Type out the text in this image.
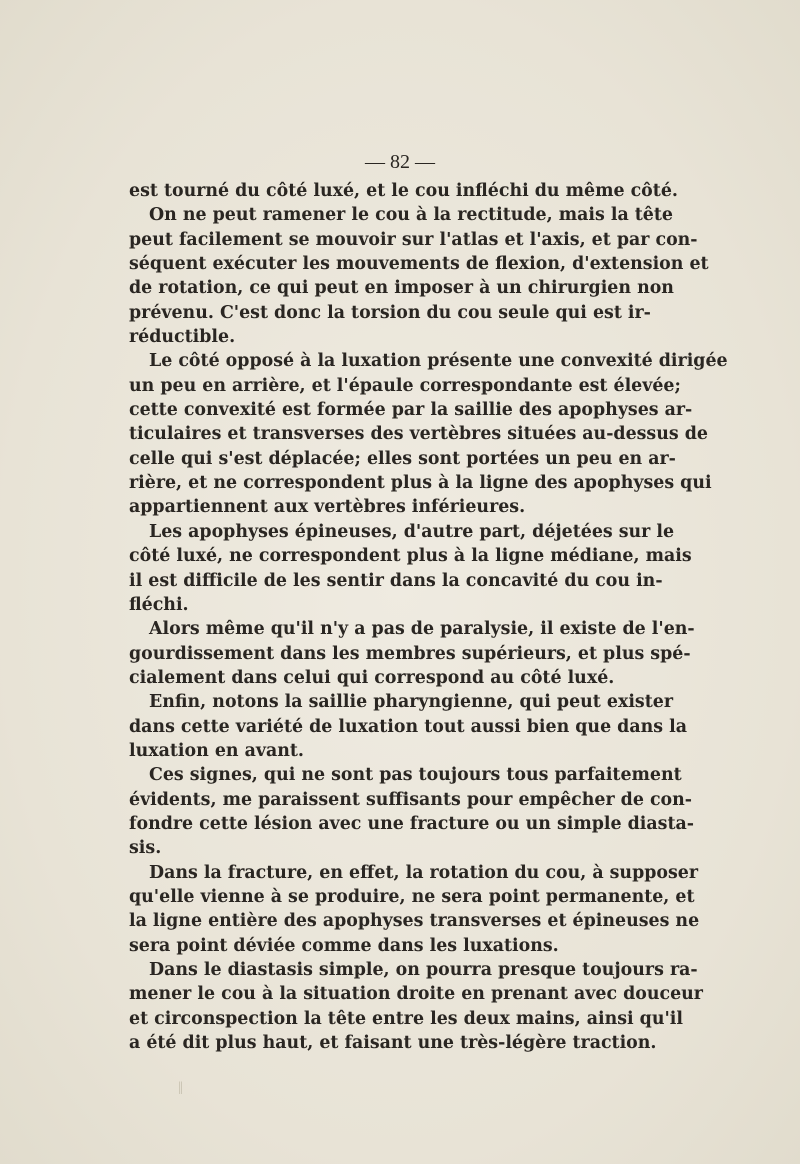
— 82 —
est tourné du côté luxé, et le cou infléchi du même côté.
On ne peut ramener le cou à la rectitude, mais la tête
peut facilement se mouvoir sur l'atlas et l'axis, et par con-
séquent exécuter les mouvements de flexion, d'extension et
de rotation, ce qui peut en imposer à un chirurgien non
prévenu. C'est donc la torsion du cou seule qui est ir-
réductible.
Le côté opposé à la luxation présente une convexité dirigée
un peu en arrière, et l'épaule correspondante est élevée;
cette convexité est formée par la saillie des apophyses ar-
ticulaires et transverses des vertèbres situées au-dessus de
celle qui s'est déplacée; elles sont portées un peu en ar-
rière, et ne correspondent plus à la ligne des apophyses qui
appartiennent aux vertèbres inférieures.
Les apophyses épineuses, d'autre part, déjetées sur le
côté luxé, ne correspondent plus à la ligne médiane, mais
il est difficile de les sentir dans la concavité du cou in-
fléchi.
Alors même qu'il n'y a pas de paralysie, il existe de l'en-
gourdissement dans les membres supérieurs, et plus spé-
cialement dans celui qui correspond au côté luxé.
Enfin, notons la saillie pharyngienne, qui peut exister
dans cette variété de luxation tout aussi bien que dans la
luxation en avant.
Ces signes, qui ne sont pas toujours tous parfaitement
évidents, me paraissent suffisants pour empêcher de con-
fondre cette lésion avec une fracture ou un simple diasta-
sis.
Dans la fracture, en effet, la rotation du cou, à supposer
qu'elle vienne à se produire, ne sera point permanente, et
la ligne entière des apophyses transverses et épineuses ne
sera point déviée comme dans les luxations.
Dans le diastasis simple, on pourra presque toujours ra-
mener le cou à la situation droite en prenant avec douceur
et circonspection la tête entre les deux mains, ainsi qu'il
a été dit plus haut, et faisant une très-légère traction.
‖
